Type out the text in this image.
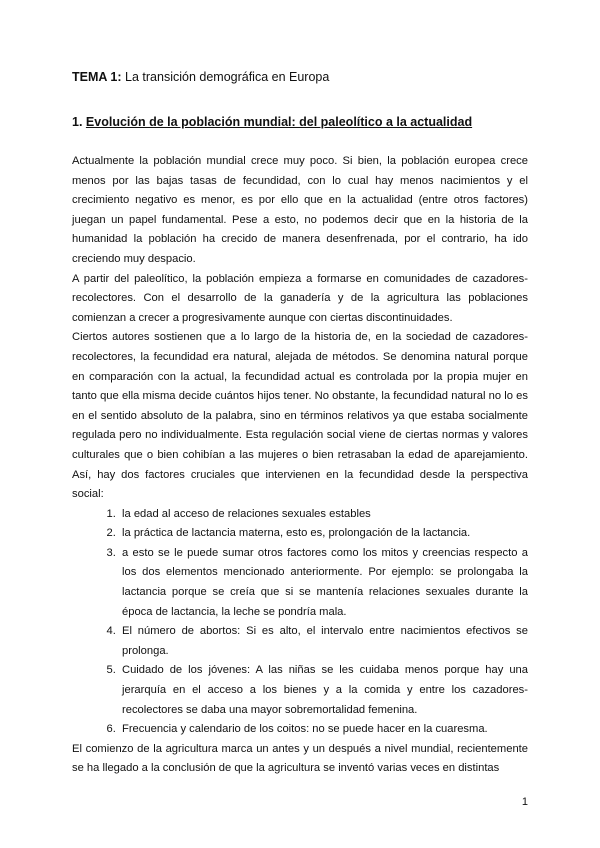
TEMA 1: La transición demográfica en Europa
1. Evolución de la población mundial: del paleolítico a la actualidad

Actualmente la población mundial crece muy poco. Si bien, la población europea crece menos por las bajas tasas de fecundidad, con lo cual hay menos nacimientos y el crecimiento negativo es menor, es por ello que en la actualidad (entre otros factores) juegan un papel fundamental. Pese a esto, no podemos decir que en la historia de la humanidad la población ha crecido de manera desenfrenada, por el contrario, ha ido creciendo muy despacio.

A partir del paleolítico, la población empieza a formarse en comunidades de cazadores-recolectores. Con el desarrollo de la ganadería y de la agricultura las poblaciones comienzan a crecer a progresivamente aunque con ciertas discontinuidades.

Ciertos autores sostienen que a lo largo de la historia de, en la sociedad de cazadores-recolectores, la fecundidad era natural, alejada de métodos. Se denomina natural porque en comparación con la actual, la fecundidad actual es controlada por la propia mujer en tanto que ella misma decide cuántos hijos tener. No obstante, la fecundidad natural no lo es en el sentido absoluto de la palabra, sino en términos relativos ya que estaba socialmente regulada pero no individualmente. Esta regulación social viene de ciertas normas y valores culturales que o bien cohibían a las mujeres o bien retrasaban la edad de aparejamiento. Así, hay dos factores cruciales que intervienen en la fecundidad desde la perspectiva social:

1. la edad al acceso de relaciones sexuales estables
2. la práctica de lactancia materna, esto es, prolongación de la lactancia.
3. a esto se le puede sumar otros factores como los mitos y creencias respecto a los dos elementos mencionado anteriormente. Por ejemplo: se prolongaba la lactancia porque se creía que si se mantenía relaciones sexuales durante la época de lactancia, la leche se pondría mala.
4. El número de abortos: Si es alto, el intervalo entre nacimientos efectivos se prolonga.
5. Cuidado de los jóvenes: A las niñas se les cuidaba menos porque hay una jerarquía en el acceso a los bienes y a la comida y entre los cazadores-recolectores se daba una mayor sobremortalidad femenina.
6. Frecuencia y calendario de los coitos: no se puede hacer en la cuaresma.

El comienzo de la agricultura marca un antes y un después a nivel mundial, recientemente se ha llegado a la conclusión de que la agricultura se inventó varias veces en distintas

1
